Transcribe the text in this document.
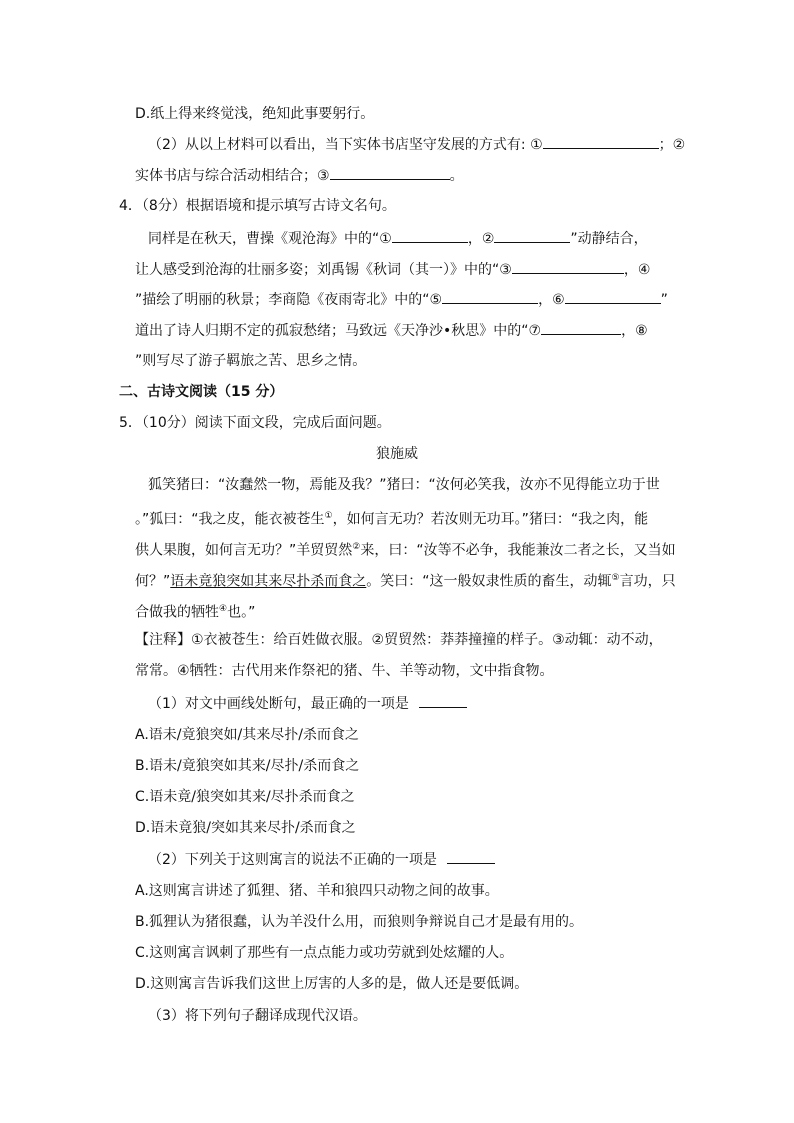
D.纸上得来终觉浅，绝知此事要躬行。
（2）从以上材料可以看出，当下实体书店坚守发展的方式有: ①	；②
实体书店与综合活动相结合；③	。
4．（8分）根据语境和提示填写古诗文名句。
同样是在秋天，曹操《观沧海》中的“①	，②	”动静结合，
让人感受到沧海的壮丽多姿；刘禹锡《秋词（其一）》中的“③	，④
”描绘了明丽的秋景；李商隐《夜雨寄北》中的“⑤	，⑥	”
道出了诗人归期不定的孤寂愁绪；马致远《天净沙•秋思》中的“⑦	，⑧
”则写尽了游子羁旅之苦、思乡之情。
二、古诗文阅读（15 分）
5．（10分）阅读下面文段，完成后面问题。
狼施威
狐笑猪曰：“汝蠢然一物，焉能及我？”猪曰：“汝何必笑我，汝亦不见得能立功于世
。”狐曰：“我之皮，能衣被苍生①，如何言无功？若汝则无功耳。”猪曰：“我之肉，能
供人果腹，如何言无功？”羊贸贸然②来，曰：“汝等不必争，我能兼汝二者之长，又当如
何？”语未竟狼突如其来尽扑杀而食之。笑曰：“这一般奴隶性质的畜生，动辄⑤言功，只
合做我的牺牲④也。”
【注释】①衣被苍生：给百姓做衣服。②贸贸然：莽莽撞撞的样子。③动辄：动不动，
常常。④牺牲：古代用来作祭祀的猪、牛、羊等动物，文中指食物。
（1）对文中画线处断句，最正确的一项是
A.语未/竟狼突如/其来尽扑/杀而食之
B.语未/竟狼突如其来/尽扑/杀而食之
C.语未竟/狼突如其来/尽扑杀而食之
D.语未竟狼/突如其来尽扑/杀而食之
（2）下列关于这则寓言的说法不正确的一项是
A.这则寓言讲述了狐狸、猪、羊和狼四只动物之间的故事。
B.狐狸认为猪很蠢，认为羊没什么用，而狼则争辩说自己才是最有用的。
C.这则寓言讽刺了那些有一点点能力或功劳就到处炫耀的人。
D.这则寓言告诉我们这世上厉害的人多的是，做人还是要低调。
（3）将下列句子翻译成现代汉语。
